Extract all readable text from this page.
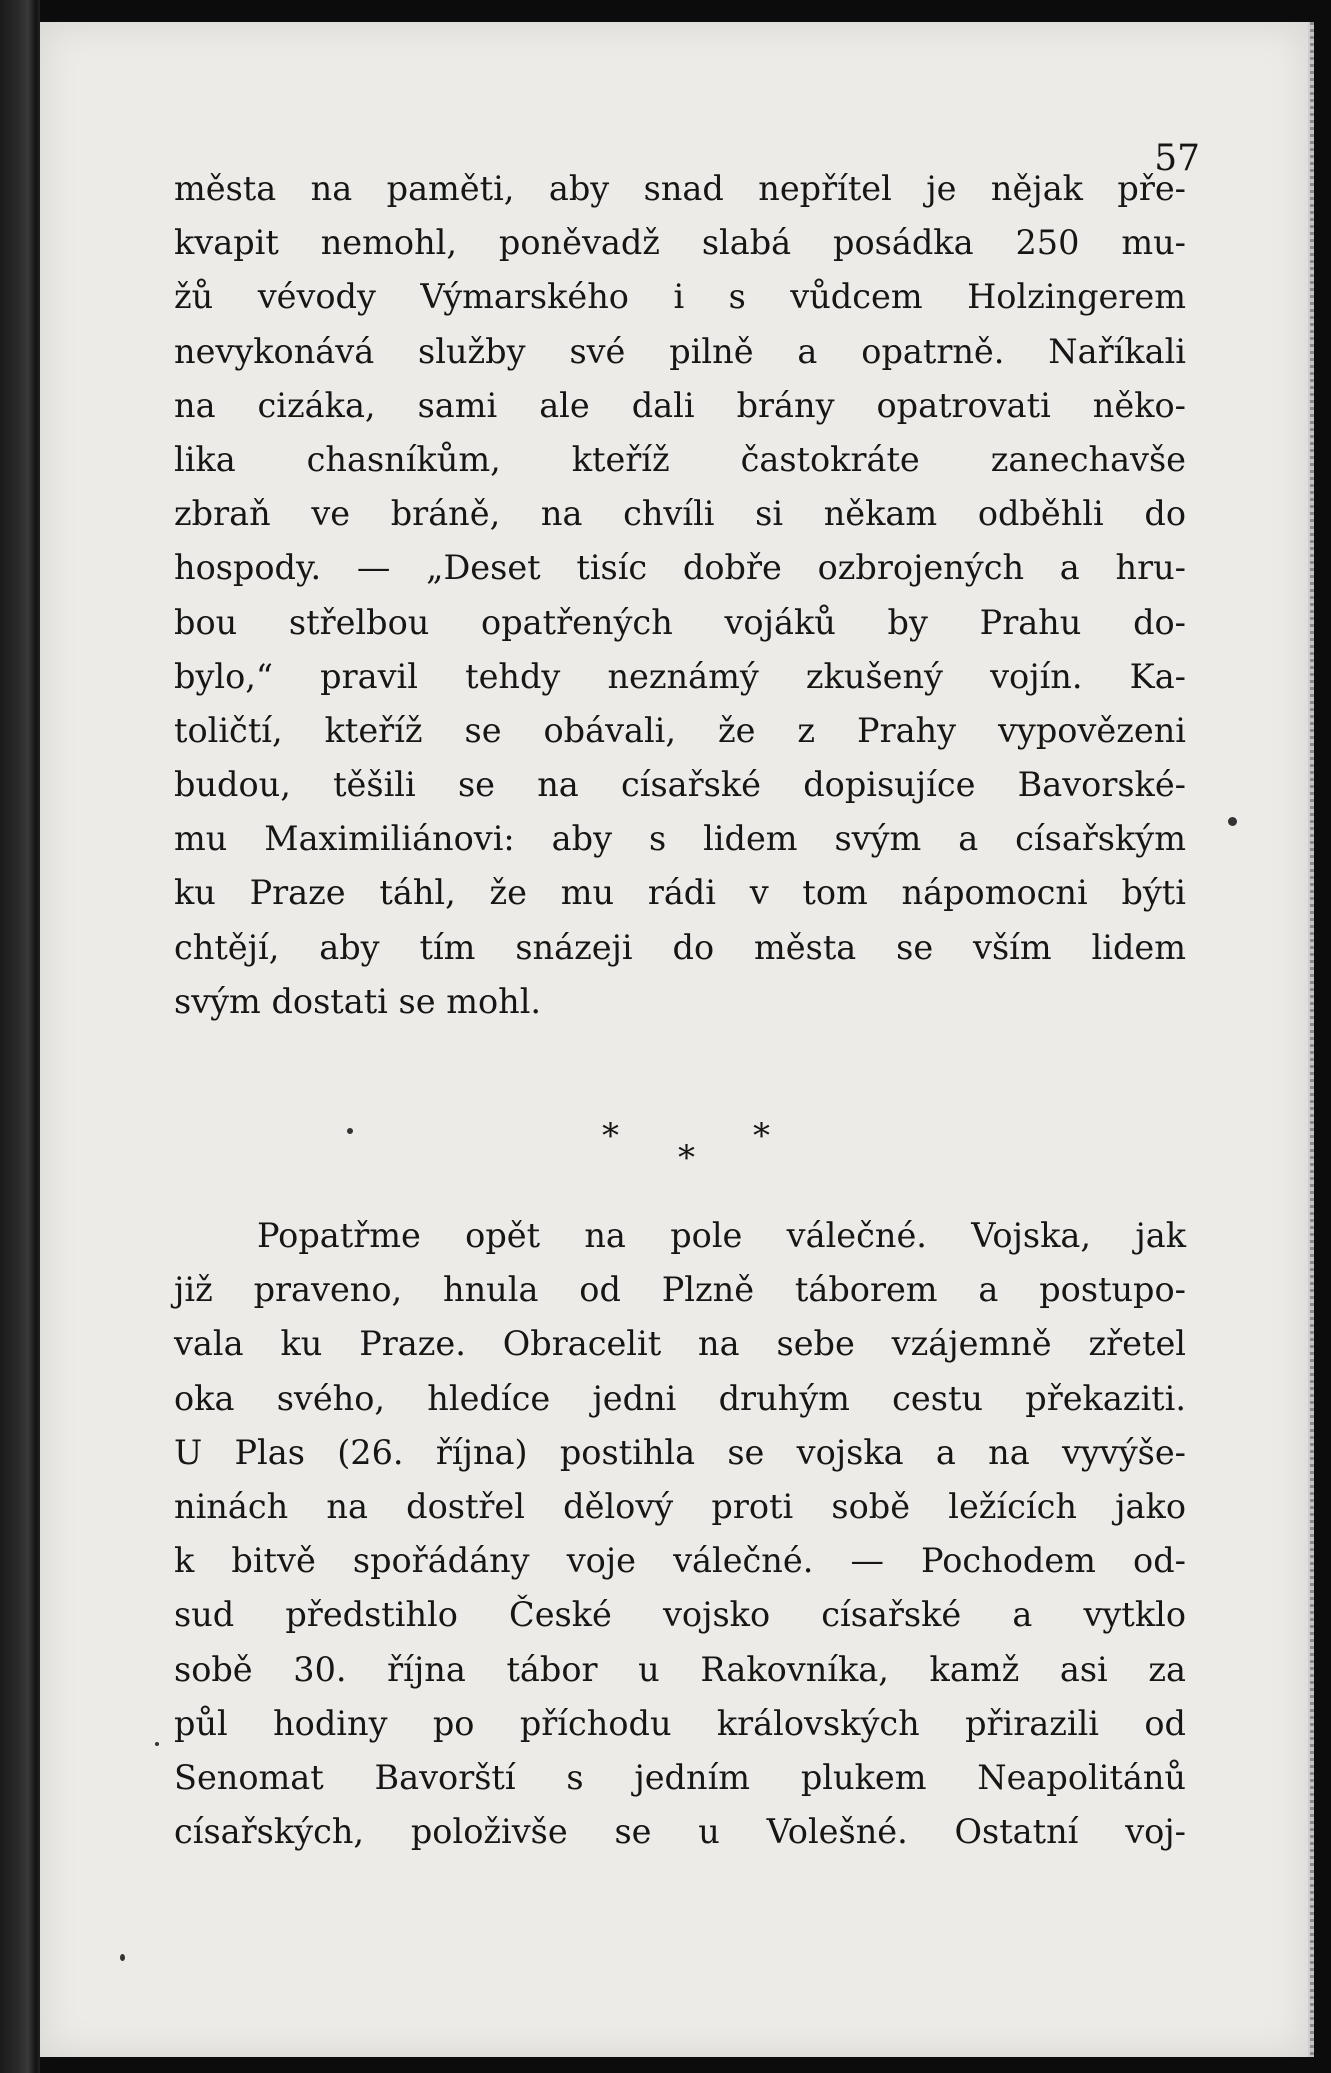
57
města na paměti, aby snad nepřítel je nějak pře-
kvapit nemohl, poněvadž slabá posádka 250 mu-
žů vévody Výmarského i s vůdcem Holzingerem
nevykonává služby své pilně a opatrně. Naříkali
na cizáka, sami ale dali brány opatrovati něko-
lika chasníkům, kteříž častokráte zanechavše
zbraň ve bráně, na chvíli si někam odběhli do
hospody. — „Deset tisíc dobře ozbrojených a hru-
bou střelbou opatřených vojáků by Prahu do-
bylo,“ pravil tehdy neznámý zkušený vojín. Ka-
toličtí, kteříž se obávali, že z Prahy vypovězeni
budou, těšili se na císařské dopisujíce Bavorské-
mu Maximiliánovi: aby s lidem svým a císařským
ku Praze táhl, že mu rádi v tom nápomocni býti
chtějí, aby tím snázeji do města se vším lidem
svým dostati se mohl.
*
*
*
Popatřme opět na pole válečné. Vojska, jak
již praveno, hnula od Plzně táborem a postupo-
vala ku Praze. Obracelit na sebe vzájemně zřetel
oka svého, hledíce jedni druhým cestu překaziti.
U Plas (26. října) postihla se vojska a na vyvýše-
ninách na dostřel dělový proti sobě ležících jako
k bitvě spořádány voje válečné. — Pochodem od-
sud předstihlo České vojsko císařské a vytklo
sobě 30. října tábor u Rakovníka, kamž asi za
půl hodiny po příchodu královských přirazili od
Senomat Bavorští s jedním plukem Neapolitánů
císařských, položivše se u Volešné. Ostatní voj-
